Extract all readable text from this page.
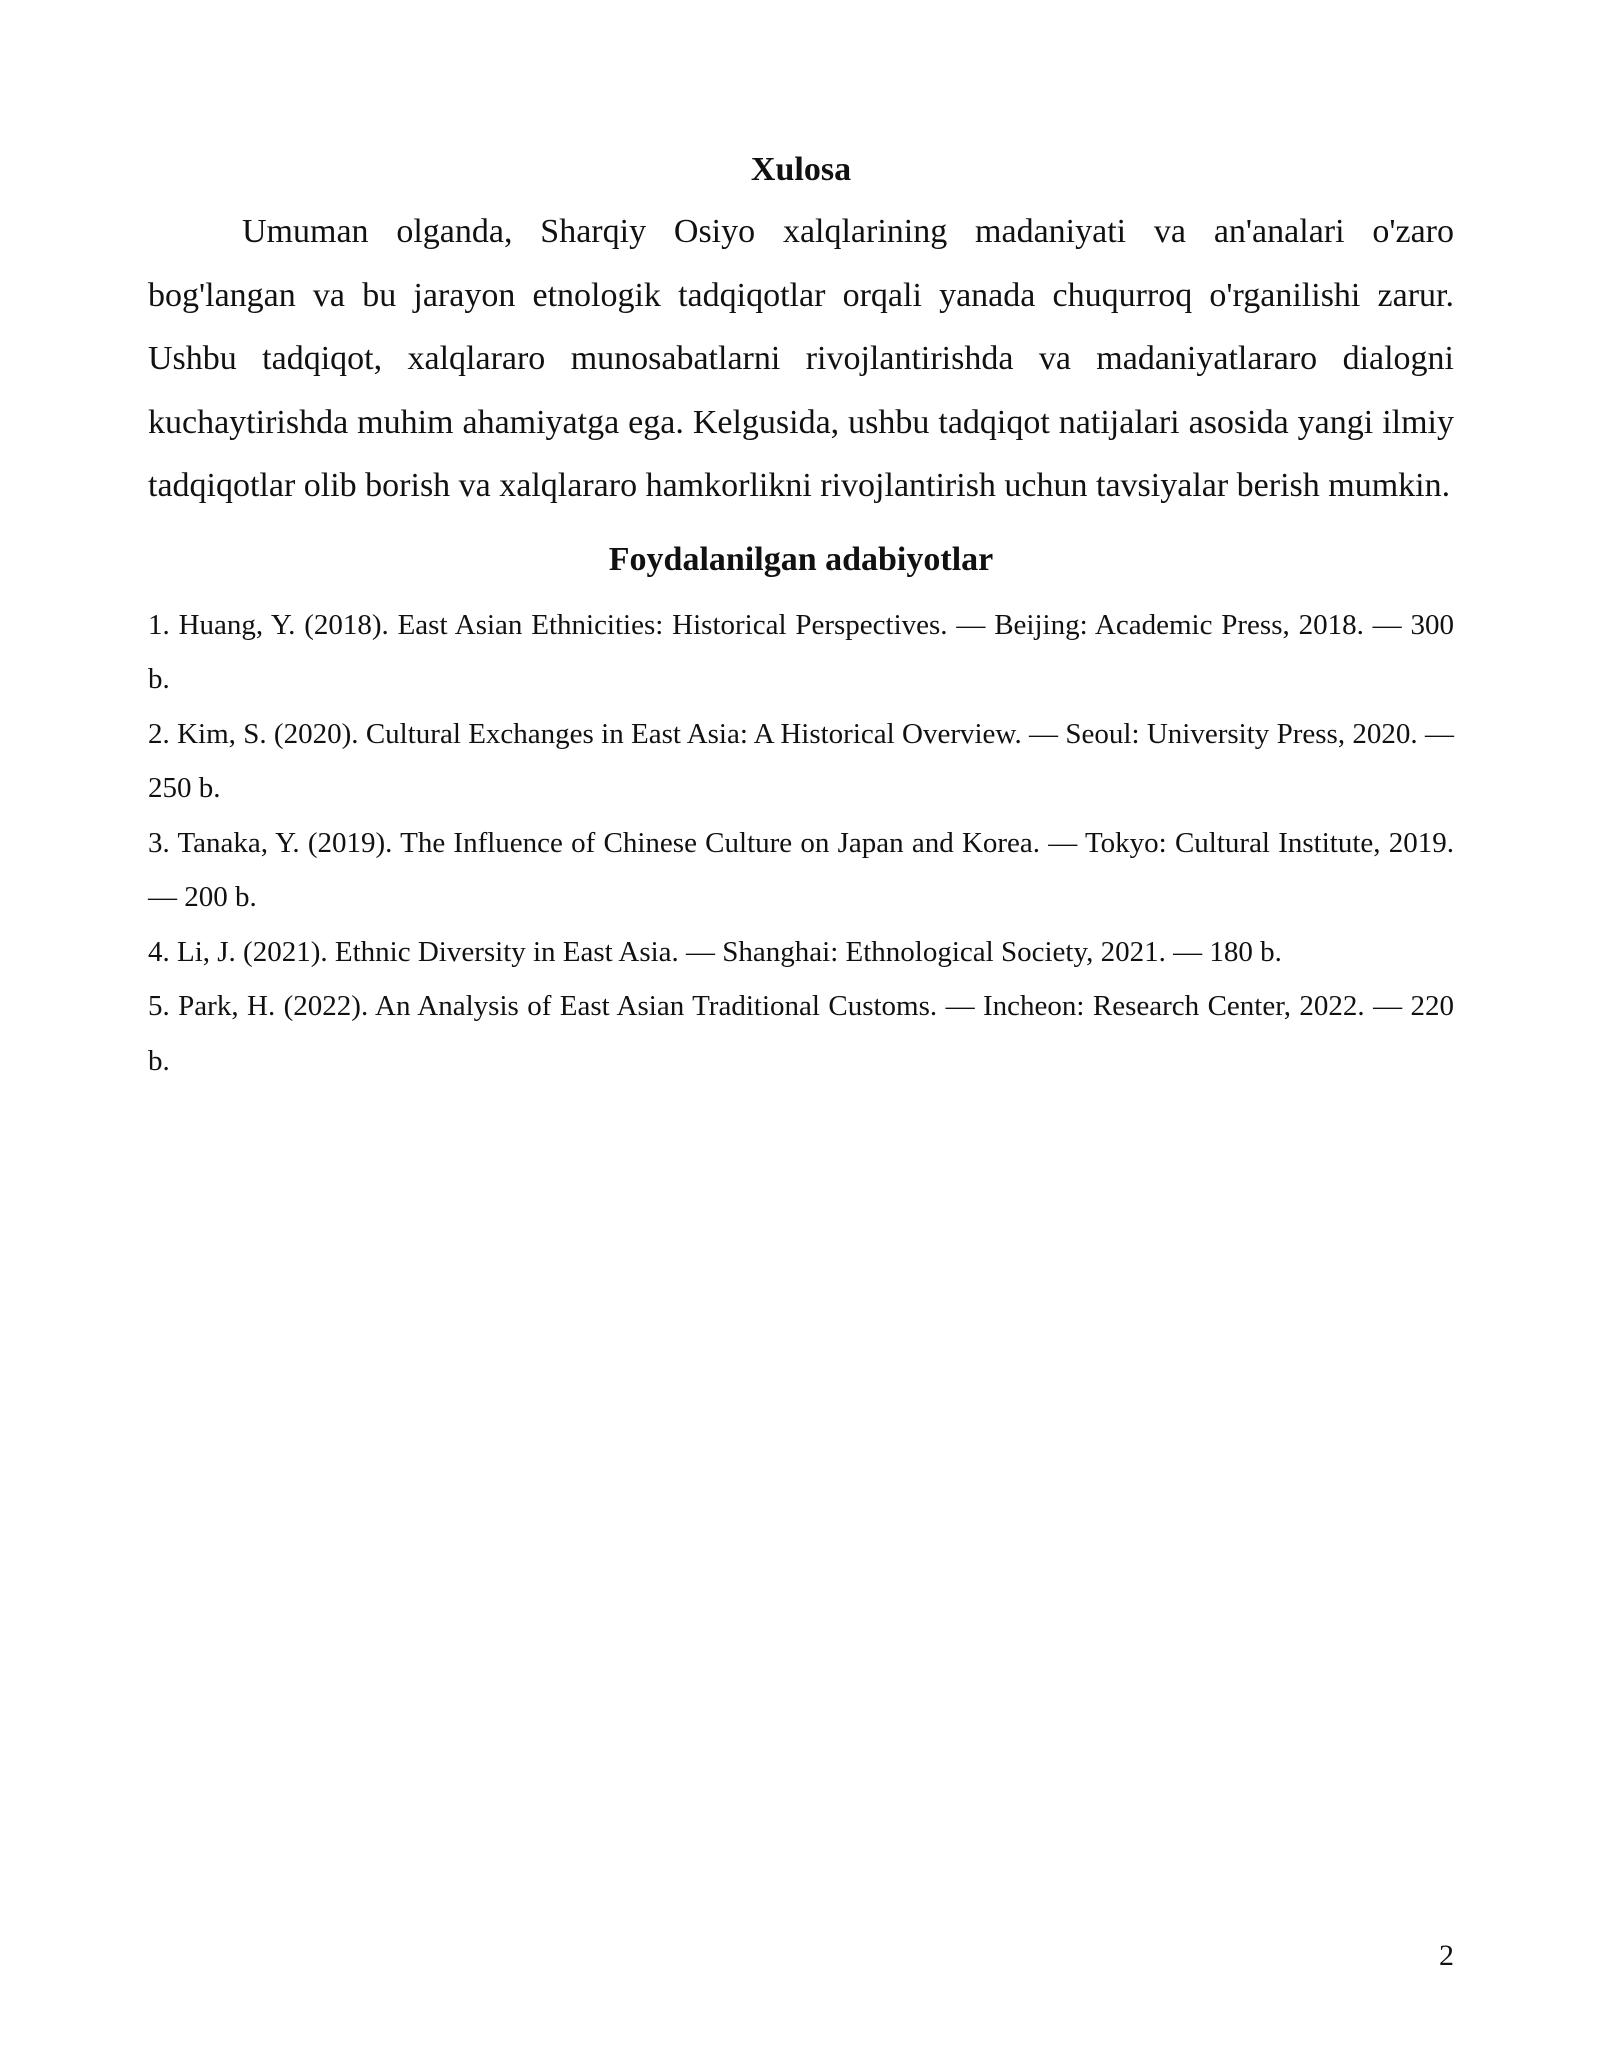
Xulosa

Umuman olganda, Sharqiy Osiyo xalqlarining madaniyati va an'analari o'zaro bog'langan va bu jarayon etnologik tadqiqotlar orqali yanada chuqurroq o'rganilishi zarur. Ushbu tadqiqot, xalqlararo munosabatlarni rivojlantirishda va madaniyatlararo dialogni kuchaytirishda muhim ahamiyatga ega. Kelgusida, ushbu tadqiqot natijalari asosida yangi ilmiy tadqiqotlar olib borish va xalqlararo hamkorlikni rivojlantirish uchun tavsiyalar berish mumkin.

Foydalanilgan adabiyotlar
1. Huang, Y. (2018). East Asian Ethnicities: Historical Perspectives. — Beijing: Academic Press, 2018. — 300 b.
2. Kim, S. (2020). Cultural Exchanges in East Asia: A Historical Overview. — Seoul: University Press, 2020. — 250 b.
3. Tanaka, Y. (2019). The Influence of Chinese Culture on Japan and Korea. — Tokyo: Cultural Institute, 2019. — 200 b.
4. Li, J. (2021). Ethnic Diversity in East Asia. — Shanghai: Ethnological Society, 2021. — 180 b.
5. Park, H. (2022). An Analysis of East Asian Traditional Customs. — Incheon: Research Center, 2022. — 220 b.
2
